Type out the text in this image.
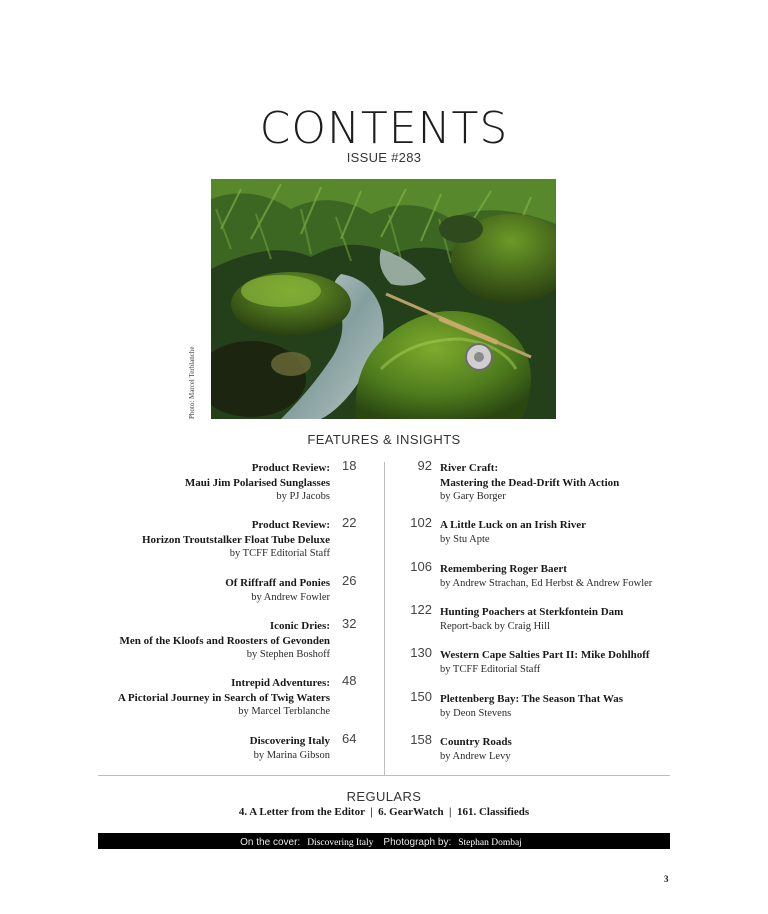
CONTENTS
ISSUE #283
Photo: Marcel Terblanche
FEATURES & INSIGHTS
Product Review:
Maui Jim Polarised Sunglasses
by PJ Jacobs
18
Product Review:
Horizon Troutstalker Float Tube Deluxe
by TCFF Editorial Staff
22
Of Riffraff and Ponies
by Andrew Fowler
26
Iconic Dries:
Men of the Kloofs and Roosters of Gevonden
by Stephen Boshoff
32
Intrepid Adventures:
A Pictorial Journey in Search of Twig Waters
by Marcel Terblanche
48
Discovering Italy
by Marina Gibson
64
92 River Craft:
Mastering the Dead-Drift With Action
by Gary Borger
102 A Little Luck on an Irish River
by Stu Apte
106 Remembering Roger Baert
by Andrew Strachan, Ed Herbst & Andrew Fowler
122 Hunting Poachers at Sterkfontein Dam
Report-back by Craig Hill
130 Western Cape Salties Part II: Mike Dohlhoff
by TCFF Editorial Staff
150 Plettenberg Bay: The Season That Was
by Deon Stevens
158 Country Roads
by Andrew Levy
REGULARS
4. A Letter from the Editor  |  6. GearWatch  |  161. Classifieds
On the cover: Discovering Italy Photograph by: Stephan Dombaj
3
